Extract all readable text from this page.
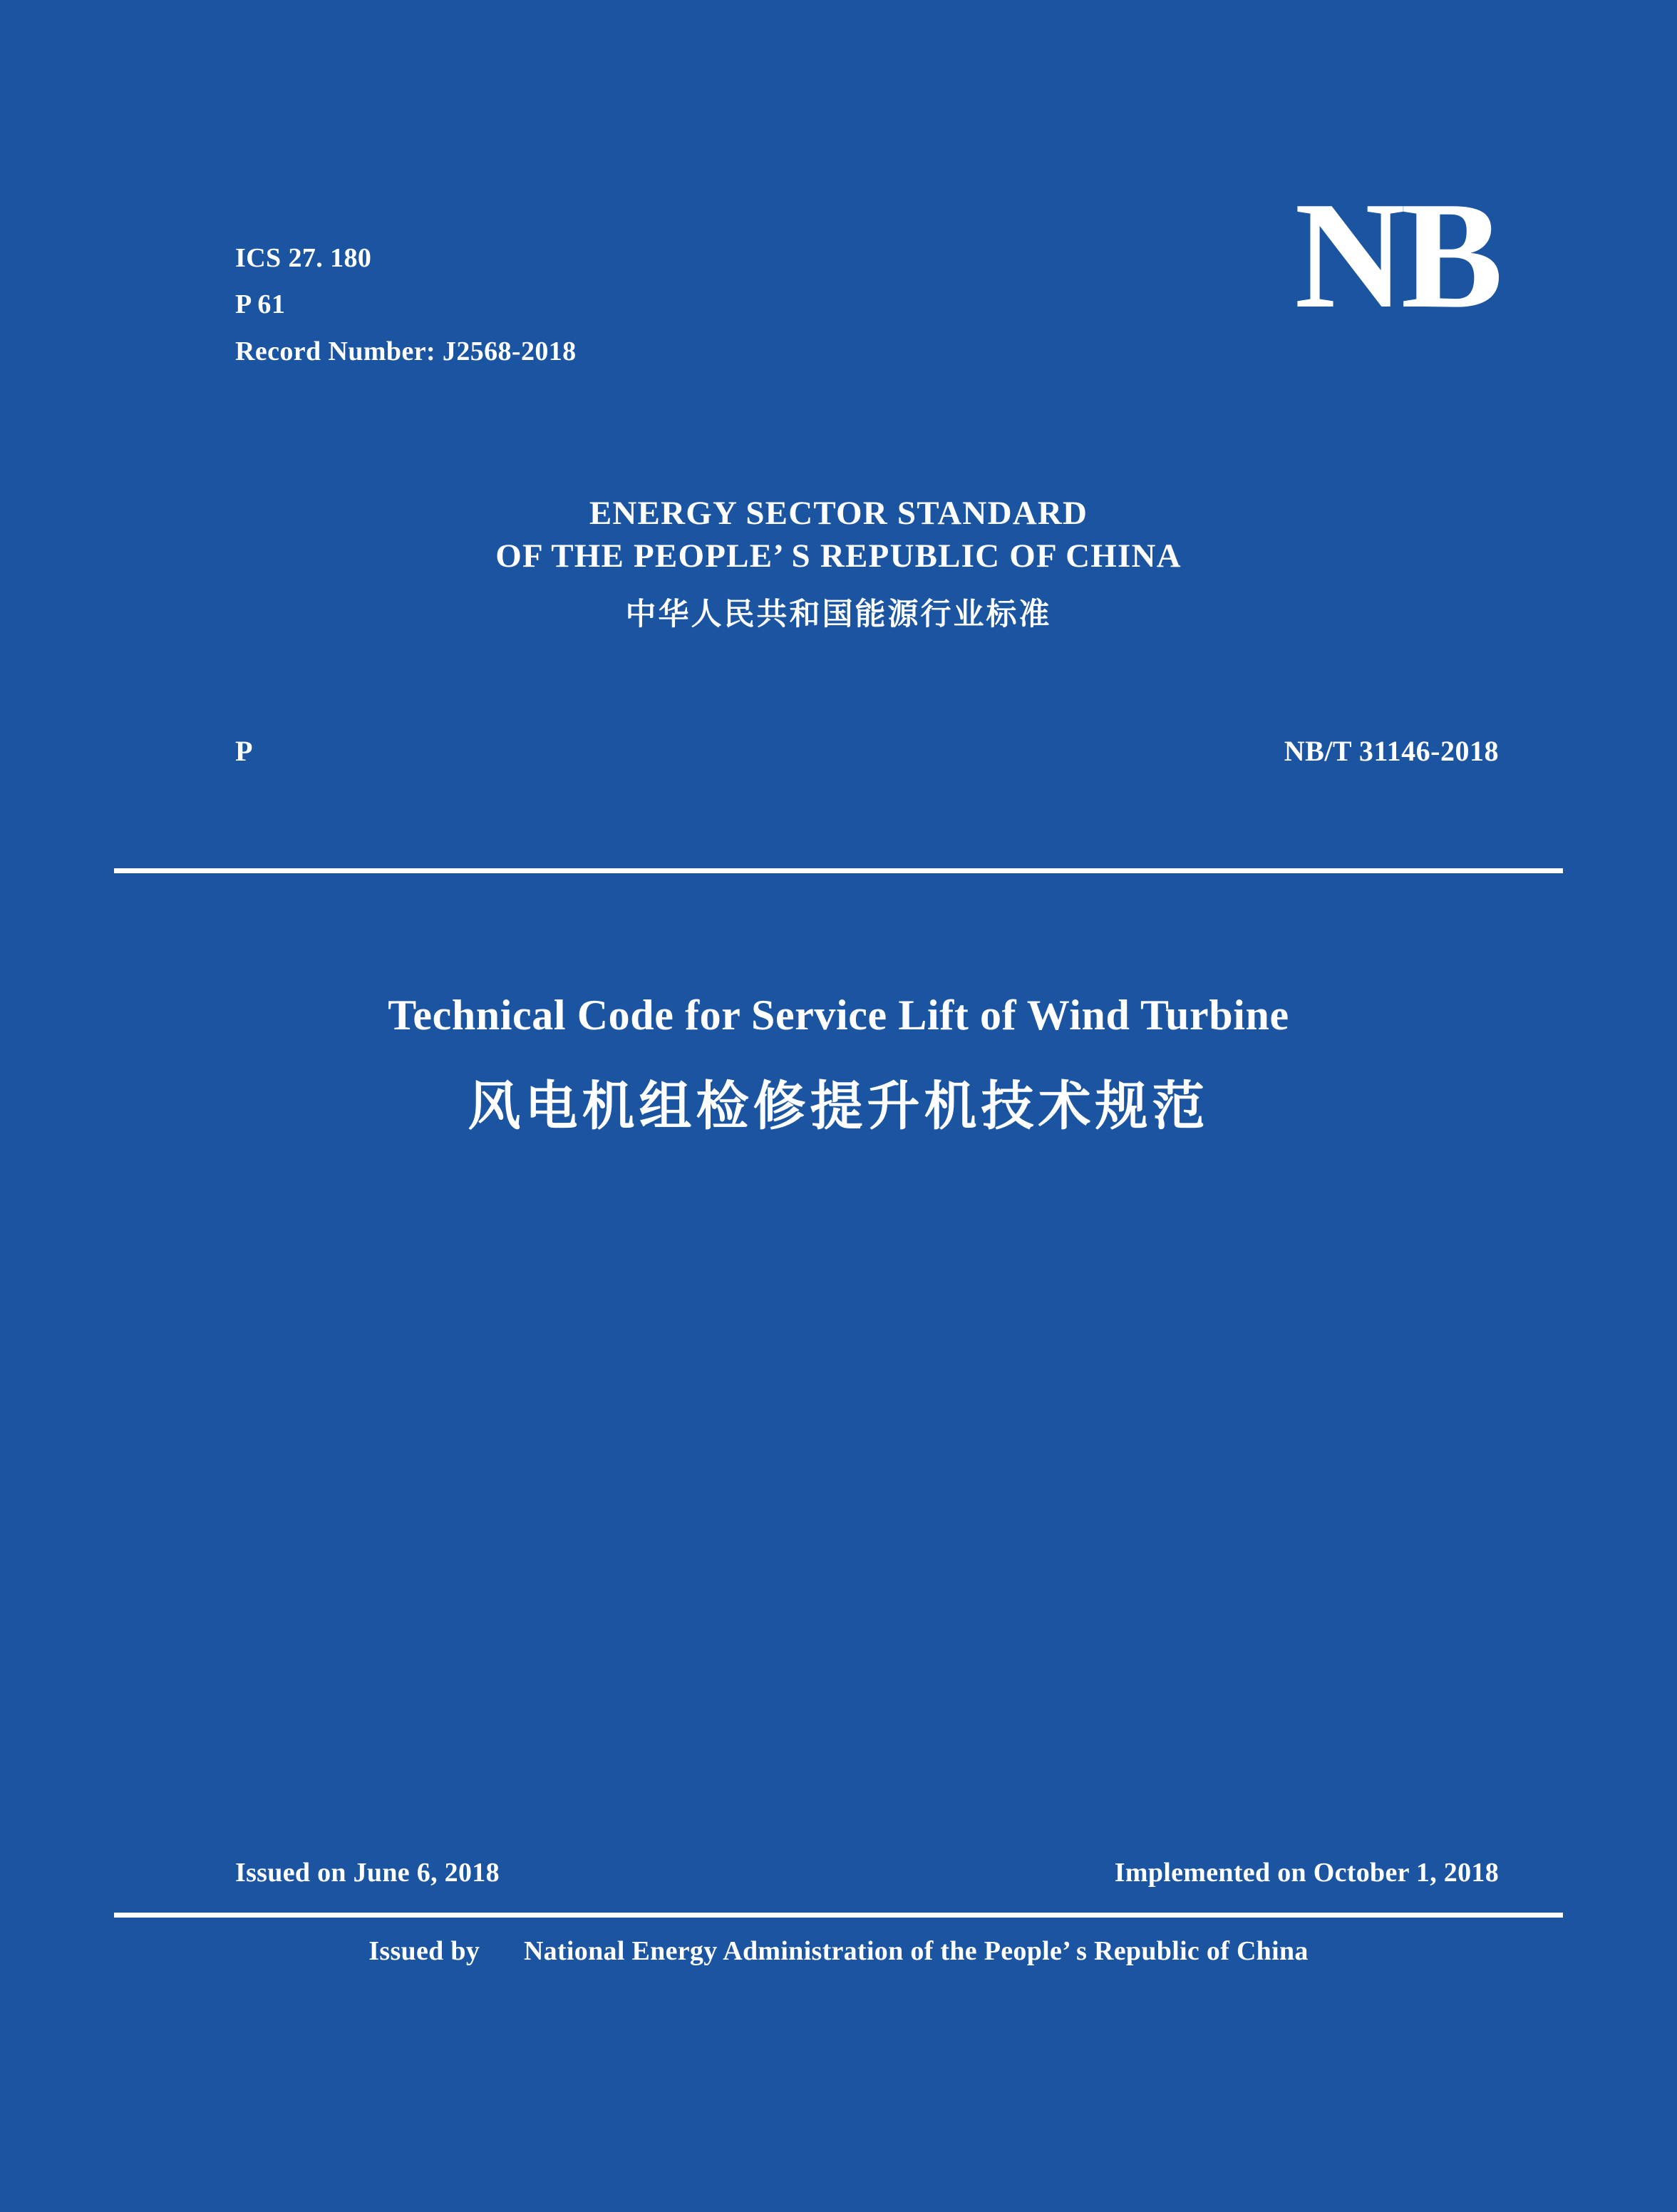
ICS 27. 180
P 61
Record Number: J2568-2018
NB
ENERGY SECTOR STANDARD
OF THE PEOPLE’ S REPUBLIC OF CHINA
中华人民共和国能源行业标准
P	NB/T 31146-2018
Technical Code for Service Lift of Wind Turbine
风电机组检修提升机技术规范
Issued on June 6, 2018	Implemented on October 1, 2018
Issued by National Energy Administration of the People’ s Republic of China
